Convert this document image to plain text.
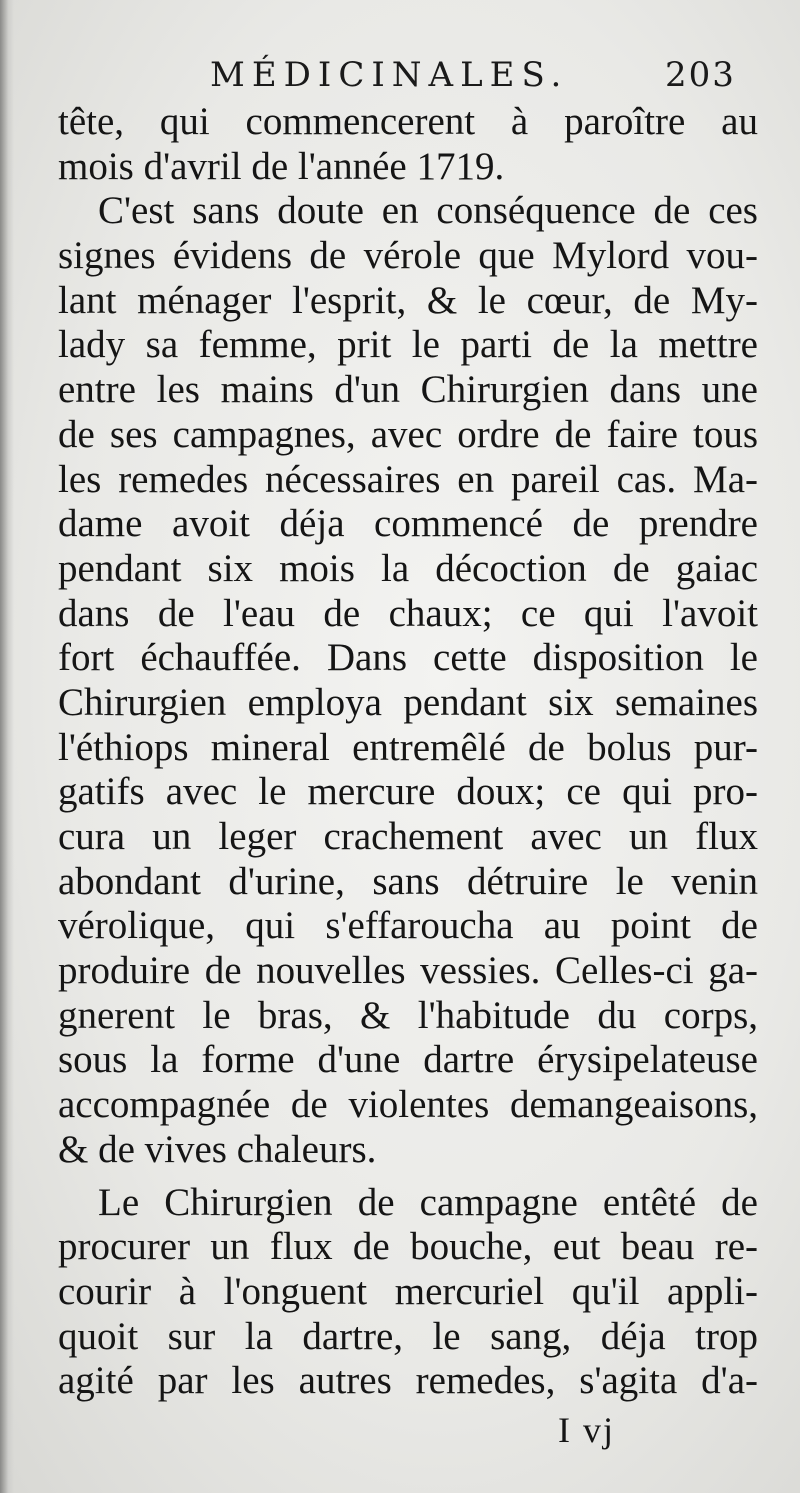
MÉDICINALES.	203
tête, qui commencerent à paroître au
mois d'avril de l'année 1719.
C'est sans doute en conséquence de ces
signes évidens de vérole que Mylord vou-
lant ménager l'esprit, & le cœur, de My-
lady sa femme, prit le parti de la mettre
entre les mains d'un Chirurgien dans une
de ses campagnes, avec ordre de faire tous
les remedes nécessaires en pareil cas. Ma-
dame avoit déja commencé de prendre
pendant six mois la décoction de gaiac
dans de l'eau de chaux; ce qui l'avoit
fort échauffée. Dans cette disposition le
Chirurgien employa pendant six semaines
l'éthiops mineral entremêlé de bolus pur-
gatifs avec le mercure doux; ce qui pro-
cura un leger crachement avec un flux
abondant d'urine, sans détruire le venin
vérolique, qui s'effaroucha au point de
produire de nouvelles vessies. Celles-ci ga-
gnerent le bras, & l'habitude du corps,
sous la forme d'une dartre érysipelateuse
accompagnée de violentes demangeaisons,
& de vives chaleurs.
Le Chirurgien de campagne entêté de
procurer un flux de bouche, eut beau re-
courir à l'onguent mercuriel qu'il appli-
quoit sur la dartre, le sang, déja trop
agité par les autres remedes, s'agita d'a-
I vj
